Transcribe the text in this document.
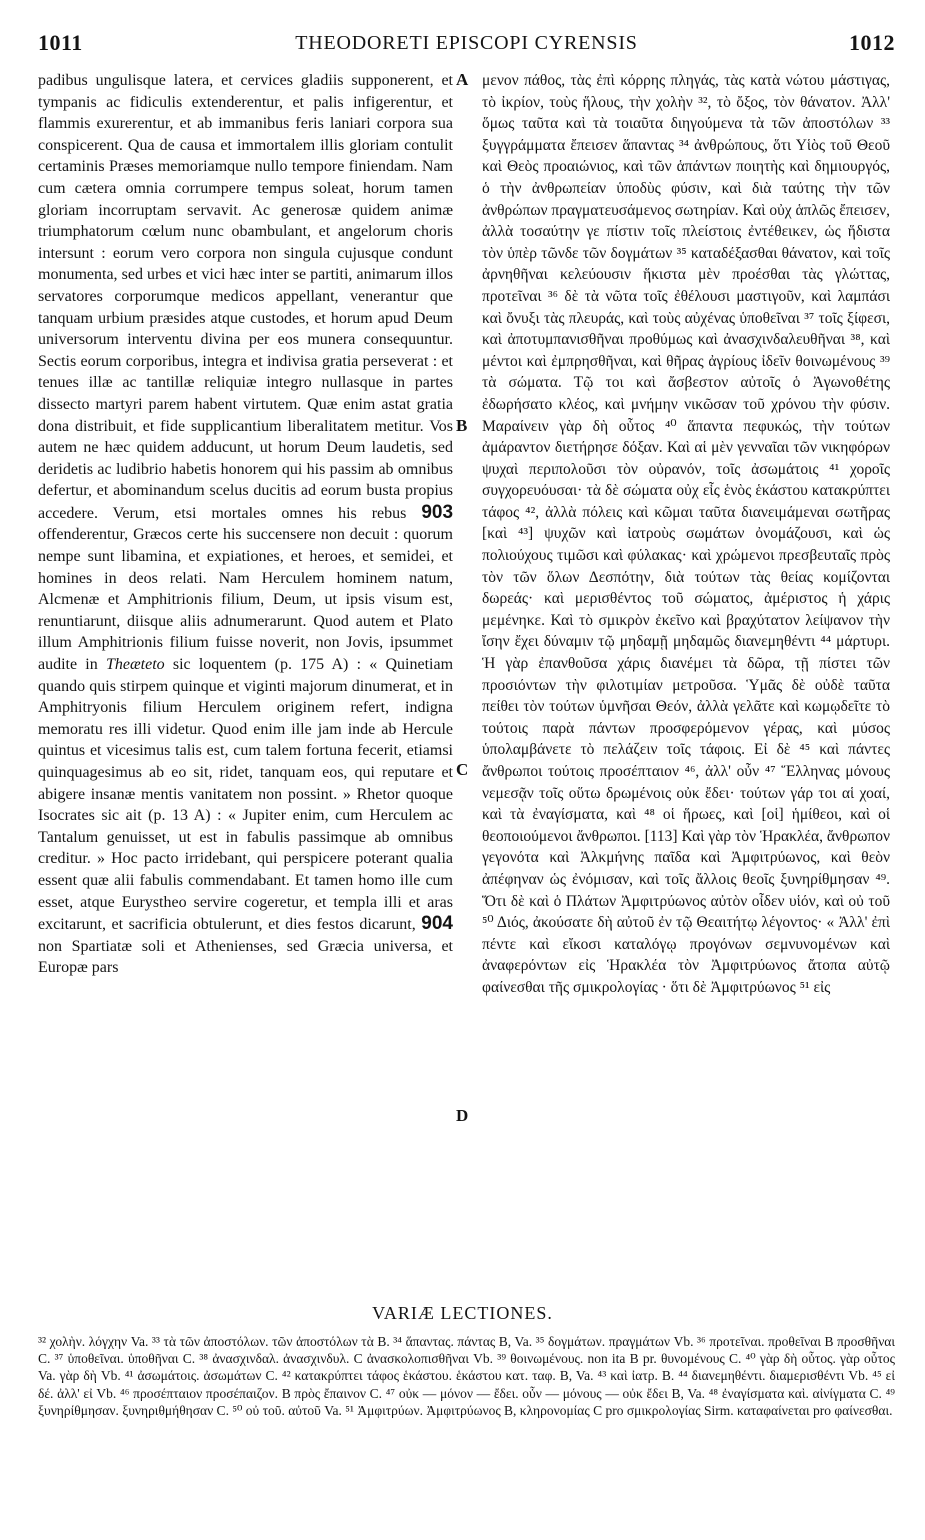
1011	THEODORETI EPISCOPI CYRENSIS	1012
padibus ungulisque latera, et cervices gladiis supponerent, et tympanis ac fidiculis extenderentur, et palis infigerentur, et flammis exurerentur, et ab immanibus feris laniari corpora sua conspicerent. Qua de causa et immortalem illis gloriam contulit certaminis Præses memoriamque nullo tempore finiendam. Nam cum cætera omnia corrumpere tempus soleat, horum tamen gloriam incorruptam servavit. Ac generosæ quidem animæ triumphatorum cœlum nunc obambulant, et angelorum choris intersunt : eorum vero corpora non singula cujusque condunt monumenta, sed urbes et vici hæc inter se partiti, animarum illos servatores corporumque medicos appellant, venerantur que tanquam urbium præsides atque custodes, et horum apud Deum universorum interventu divina per eos munera consequuntur. Sectis eorum corporibus, integra et indivisa gratia perseverat : et tenues illæ ac tantillæ reliquiæ integro nullasque in partes dissecto martyri parem habent virtutem. Quæ enim astat gratia dona distribuit, et fide supplicantium liberalitatem metitur. Vos autem ne hæc quidem adducunt, ut horum Deum laudetis, sed deridetis ac ludibrio habetis honorem qui his passim ab omnibus defertur, et abominandum scelus ducitis ad eorum busta propius accedere. Verum, etsi mortales omnes his rebus 903 offenderentur, Græcos certe his succensere non decuit : quorum nempe sunt libamina, et expiationes, et heroes, et semidei, et homines in deos relati. Nam Herculem hominem natum, Alcmenæ et Amphitrionis filium, Deum, ut ipsis visum est, renuntiarunt, diisque aliis adnumerarunt. Quod autem et Plato illum Amphitrionis filium fuisse noverit, non Jovis, ipsummet audite in Theæteto sic loquentem (p. 175 A) : « Quinetiam quando quis stirpem quinque et viginti majorum dinumerat, et in Amphitryonis filium Herculem originem refert, indigna memoratu res illi videtur. Quod enim ille jam inde ab Hercule quintus et vicesimus talis est, cum talem fortuna fecerit, etiamsi quinquagesimus ab eo sit, ridet, tanquam eos, qui reputare et abigere insanæ mentis vanitatem non possint. » Rhetor quoque Isocrates sic ait (p. 13 A) : « Jupiter enim, cum Herculem ac Tantalum genuisset, ut est in fabulis passimque ab omnibus creditur. » Hoc pacto irridebant, qui perspicere poterant qualia essent quæ alii fabulis commendabant. Et tamen homo ille cum esset, atque Eurystheo servire cogeretur, et templa illi et aras excitarunt, et sacrificia obtulerunt, et dies festos dicarunt, 904 non Spartiatæ soli et Athenienses, sed Græcia universa, et Europæ pars
A
B
C
D
μενον πάθος, τὰς ἐπὶ κόρρης πληγάς, τὰς κατὰ νώτου μάστιγας, τὸ ἰκρίον, τοὺς ἥλους, τὴν χολὴν ³², τὸ ὄξος, τὸν θάνατον. Ἀλλ' ὅμως ταῦτα καὶ τὰ τοιαῦτα διηγούμενα τὰ τῶν ἀποστόλων ³³ ξυγγράμματα ἔπεισεν ἅπαντας ³⁴ ἀνθρώπους, ὅτι Υἱὸς τοῦ Θεοῦ καὶ Θεὸς προαιώνιος, καὶ τῶν ἁπάντων ποιητὴς καὶ δημιουργός, ὁ τὴν ἀνθρωπείαν ὑποδὺς φύσιν, καὶ διὰ ταύτης τὴν τῶν ἀνθρώπων πραγματευσάμενος σωτηρίαν. Καὶ οὐχ ἁπλῶς ἔπεισεν, ἀλλὰ τοσαύτην γε πίστιν τοῖς πλείστοις ἐντέθεικεν, ὡς ἥδιστα τὸν ὑπὲρ τῶνδε τῶν δογμάτων ³⁵ καταδέξασθαι θάνατον, καὶ τοῖς ἀρνηθῆναι κελεύουσιν ἥκιστα μὲν προέσθαι τὰς γλώττας, προτεῖναι ³⁶ δὲ τὰ νῶτα τοῖς ἐθέλουσι μαστιγοῦν, καὶ λαμπάσι καὶ ὄνυξι τὰς πλευράς, καὶ τοὺς αὐχένας ὑποθεῖναι ³⁷ τοῖς ξίφεσι, καὶ ἀποτυμπανισθῆναι προθύμως καὶ ἀνασχινδαλευθῆναι ³⁸, καὶ μέντοι καὶ ἐμπρησθῆναι, καὶ θῆρας ἀγρίους ἰδεῖν θοινωμένους ³⁹ τὰ σώματα. Τῷ τοι καὶ ἄσβεστον αὐτοῖς ὁ Ἀγωνοθέτης ἐδωρήσατο κλέος, καὶ μνήμην νικῶσαν τοῦ χρόνου τὴν φύσιν. Μαραίνειν γὰρ δὴ οὗτος ⁴⁰ ἅπαντα πεφυκώς, τὴν τούτων ἀμάραντον διετήρησε δόξαν. Καὶ αἱ μὲν γενναῖαι τῶν νικηφόρων ψυχαὶ περιπολοῦσι τὸν οὐρανόν, τοῖς ἀσωμάτοις ⁴¹ χοροῖς συγχορευόυσαι· τὰ δὲ σώματα οὐχ εἷς ἑνὸς ἑκάστου κατακρύπτει τάφος ⁴², ἀλλὰ πόλεις καὶ κῶμαι ταῦτα διανειμάμεναι σωτῆρας [καὶ ⁴³] ψυχῶν καὶ ἰατροὺς σωμάτων ὀνομάζουσι, καὶ ὡς πολιούχους τιμῶσι καὶ φύλακας· καὶ χρώμενοι πρεσβευταῖς πρὸς τὸν τῶν ὅλων Δεσπότην, διὰ τούτων τὰς θείας κομίζονται δωρεάς· καὶ μερισθέντος τοῦ σώματος, ἀμέριστος ἡ χάρις μεμένηκε. Καὶ τὸ σμικρὸν ἐκεῖνο καὶ βραχύτατον λείψανον τὴν ἴσην ἔχει δύναμιν τῷ μηδαμῇ μηδαμῶς διανεμηθέντι ⁴⁴ μάρτυρι. Ἡ γὰρ ἐπανθοῦσα χάρις διανέμει τὰ δῶρα, τῇ πίστει τῶν προσιόντων τὴν φιλοτιμίαν μετροῦσα. Ὑμᾶς δὲ οὐδὲ ταῦτα πείθει τὸν τούτων ὑμνῆσαι Θεόν, ἀλλὰ γελᾶτε καὶ κωμῳδεῖτε τὸ τούτοις παρὰ πάντων προσφερόμενον γέρας, καὶ μύσος ὑπολαμβάνετε τὸ πελάζειν τοῖς τάφοις. Εἰ δὲ ⁴⁵ καὶ πάντες ἄνθρωποι τούτοις προσέπταιον ⁴⁶, ἀλλ' οὖν ⁴⁷ Ἕλληνας μόνους νεμεσᾷν τοῖς οὕτω δρωμένοις οὐκ ἔδει· τούτων γάρ τοι αἱ χοαί, καὶ τὰ ἐναγίσματα, καὶ ⁴⁸ οἱ ἥρωες, καὶ [οἱ] ἡμίθεοι, καὶ οἱ θεοποιούμενοι ἄνθρωποι. [113] Καὶ γὰρ τὸν Ἡρακλέα, ἄνθρωπον γεγονότα καὶ Ἀλκμήνης παῖδα καὶ Ἀμφιτρύωνος, καὶ θεὸν ἀπέφηναν ὡς ἐνόμισαν, καὶ τοῖς ἄλλοις θεοῖς ξυνηρίθμησαν ⁴⁹. Ὅτι δὲ καὶ ὁ Πλάτων Ἀμφιτρύωνος αὐτὸν οἶδεν υἱόν, καὶ οὐ τοῦ ⁵⁰ Διός, ἀκούσατε δὴ αὐτοῦ ἐν τῷ Θεαιτήτῳ λέγοντος· « Ἀλλ' ἐπὶ πέντε καὶ εἴκοσι καταλόγῳ προγόνων σεμνυνομένων καὶ ἀναφερόντων εἰς Ἡρακλέα τὸν Ἀμφιτρύωνος ἄτοπα αὐτῷ φαίνεσθαι τῆς σμικρολογίας · ὅτι δὲ Ἀμφιτρύωνος ⁵¹ εἰς
VARIÆ LECTIONES.
³² χολὴν. λόγχην Va. ³³ τὰ τῶν ἀποστόλων. τῶν ἀποστόλων τὰ B. ³⁴ ἅπαντας. πάντας B, Va. ³⁵ δογμάτων. πραγμάτων Vb. ³⁶ προτεῖναι. προθεῖναι B προσθῆναι C. ³⁷ ὑποθεῖναι. ὑποθῆναι C. ³⁸ ἀνασχινδαλ. ἀνασχινδυλ. C ἀνασκολοπισθῆναι Vb. ³⁹ θοινωμένους. non ita B pr. θυνομένους C. ⁴⁰ γὰρ δὴ οὗτος. γὰρ οὗτος Va. γὰρ δὴ Vb. ⁴¹ ἀσωμάτοις. ἀσωμάτων C. ⁴² κατακρύπτει τάφος ἑκάστου. ἑκάστου κατ. ταφ. B, Va. ⁴³ καὶ ἰατρ. B. ⁴⁴ διανεμηθέντι. διαμερισθέντι Vb. ⁴⁵ εἰ δέ. ἀλλ' εἰ Vb. ⁴⁶ προσέπταιον προσέπαιζον. B πρὸς ἔπαινον C. ⁴⁷ οὐκ — μόνον — ἔδει. οὖν — μόνους — οὐκ ἔδει B, Va. ⁴⁸ ἐναγίσματα καὶ. αἰνίγματα C. ⁴⁹ ξυνηρίθμησαν. ξυνηριθμήθησαν C. ⁵⁰ οὐ τοῦ. αὐτοῦ Va. ⁵¹ Ἀμφιτρύων. Ἀμφιτρύωνος B, κληρονομίας C pro σμικρολογίας Sirm. καταφαίνεται pro φαίνεσθαι.
